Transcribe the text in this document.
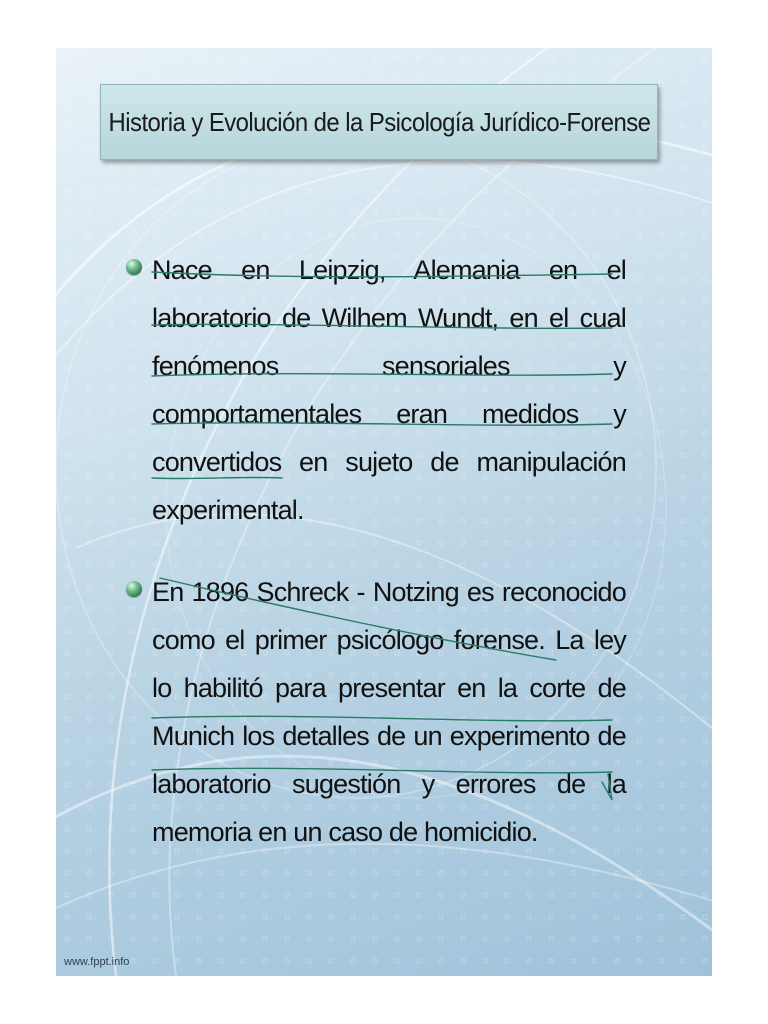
Historia y Evolución de la Psicología Jurídico-Forense
Nace en Leipzig, Alemania en el laboratorio de Wilhem Wundt, en el cual fenómenos sensoriales y comportamentales eran medidos y convertidos en sujeto de manipulación experimental.
En 1896 Schreck - Notzing es reconocido como el primer psicólogo forense. La ley lo habilitó para presentar en la corte de Munich los detalles de un experimento de laboratorio sugestión y errores de la memoria en un caso de homicidio.
www.fppt.info
